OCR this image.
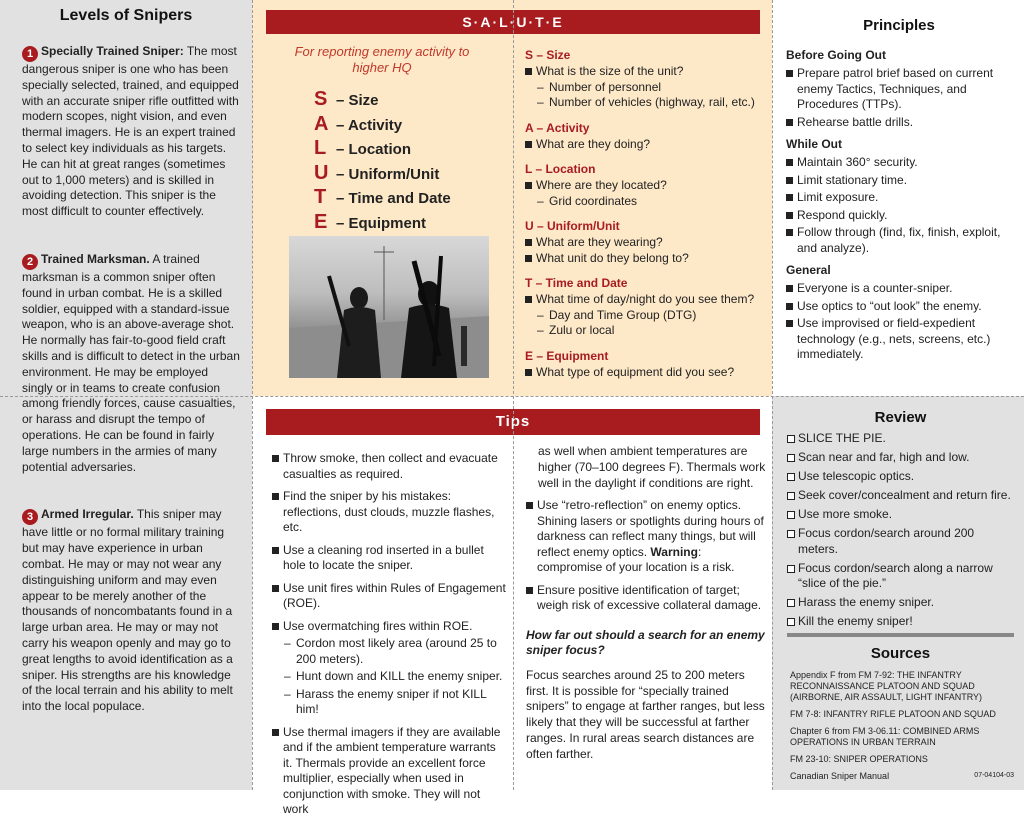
Levels of Snipers
1 Specially Trained Sniper: The most dangerous sniper is one who has been specially selected, trained, and equipped with an accurate sniper rifle outfitted with modern scopes, night vision, and even thermal imagers. He is an expert trained to select key individuals as his targets. He can hit at great ranges (sometimes out to 1,000 meters) and is skilled in avoiding detection. This sniper is the most difficult to counter effectively.
2 Trained Marksman. A trained marksman is a common sniper often found in urban combat. He is a skilled soldier, equipped with a standard-issue weapon, who is an above-average shot. He normally has fair-to-good field craft skills and is difficult to detect in the urban environment. He may be employed singly or in teams to create confusion among friendly forces, cause casualties, or harass and disrupt the tempo of operations. He can be found in fairly large numbers in the armies of many potential adversaries.
3 Armed Irregular. This sniper may have little or no formal military training but may have experience in urban combat. He may or may not wear any distinguishing uniform and may even appear to be merely another of the thousands of noncombatants found in a large urban area. He may or may not carry his weapon openly and may go to great lengths to avoid identification as a sniper. His strengths are his knowledge of the local terrain and his ability to melt into the local populace.
S·A·L·U·T·E
For reporting enemy activity to higher HQ
S – Size
A – Activity
L – Location
U – Uniform/Unit
T – Time and Date
E – Equipment
S – Size
What is the size of the unit?
– Number of personnel
– Number of vehicles (highway, rail, etc.)
A – Activity
What are they doing?
L – Location
Where are they located?
– Grid coordinates
U – Uniform/Unit
What are they wearing?
What unit do they belong to?
T – Time and Date
What time of day/night do you see them?
– Day and Time Group (DTG)
– Zulu or local
E – Equipment
What type of equipment did you see?
Principles
Before Going Out
Prepare patrol brief based on current enemy Tactics, Techniques, and Procedures (TTPs).
Rehearse battle drills.
While Out
Maintain 360° security.
Limit stationary time.
Limit exposure.
Respond quickly.
Follow through (find, fix, finish, exploit, and analyze).
General
Everyone is a counter-sniper.
Use optics to “out look” the enemy.
Use improvised or field-expedient technology (e.g., nets, screens, etc.) immediately.
Tips
Throw smoke, then collect and evacuate casualties as required.
Find the sniper by his mistakes: reflections, dust clouds, muzzle flashes, etc.
Use a cleaning rod inserted in a bullet hole to locate the sniper.
Use unit fires within Rules of Engagement (ROE).
Use overmatching fires within ROE.
– Cordon most likely area (around 25 to 200 meters).
– Hunt down and KILL the enemy sniper.
– Harass the enemy sniper if not KILL him!
Use thermal imagers if they are available and if the ambient temperature warrants it. Thermals provide an excellent force multiplier, especially when used in conjunction with smoke. They will not work
as well when ambient temperatures are higher (70–100 degrees F). Thermals work well in the daylight if conditions are right.
Use “retro-reflection” on enemy optics. Shining lasers or spotlights during hours of darkness can reflect many things, but will reflect enemy optics. Warning: compromise of your location is a risk.
Ensure positive identification of target; weigh risk of excessive collateral damage.
How far out should a search for an enemy sniper focus?
Focus searches around 25 to 200 meters first. It is possible for “specially trained snipers” to engage at farther ranges, but less likely that they will be successful at farther ranges. In rural areas search distances are often farther.
Review
SLICE THE PIE.
Scan near and far, high and low.
Use telescopic optics.
Seek cover/concealment and return fire.
Use more smoke.
Focus cordon/search around 200 meters.
Focus cordon/search along a narrow “slice of the pie.”
Harass the enemy sniper.
Kill the enemy sniper!
Sources
Appendix F from FM 7-92: THE INFANTRY RECONNAISSANCE PLATOON AND SQUAD (AIRBORNE, AIR ASSAULT, LIGHT INFANTRY)
FM 7-8: INFANTRY RIFLE PLATOON AND SQUAD
Chapter 6 from FM 3-06.11: COMBINED ARMS OPERATIONS IN URBAN TERRAIN
FM 23-10: SNIPER OPERATIONS
Canadian Sniper Manual	07-04104-03
